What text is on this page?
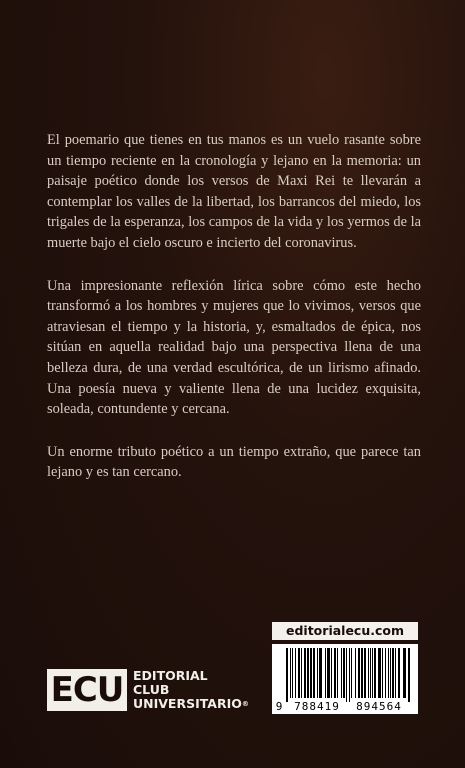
El poemario que tienes en tus manos es un vuelo rasante sobre un tiempo reciente en la cronología y lejano en la memoria: un paisaje poético donde los versos de Maxi Rei te llevarán a contemplar los valles de la libertad, los barrancos del miedo, los trigales de la esperanza, los campos de la vida y los yermos de la muerte bajo el cielo oscuro e incierto del coronavirus.

Una impresionante reflexión lírica sobre cómo este hecho transformó a los hombres y mujeres que lo vivimos, versos que atraviesan el tiempo y la historia, y, esmaltados de épica, nos sitúan en aquella realidad bajo una perspectiva llena de una belleza dura, de una verdad escultórica, de un lirismo afinado. Una poesía nueva y valiente llena de una lucidez exquisita, soleada, contundente y cercana.

Un enorme tributo poético a un tiempo extraño, que parece tan lejano y es tan cercano.

ECU EDITORIAL
CLUB
UNIVERSITARIO®
editorialecu.com
9	788419	894564
